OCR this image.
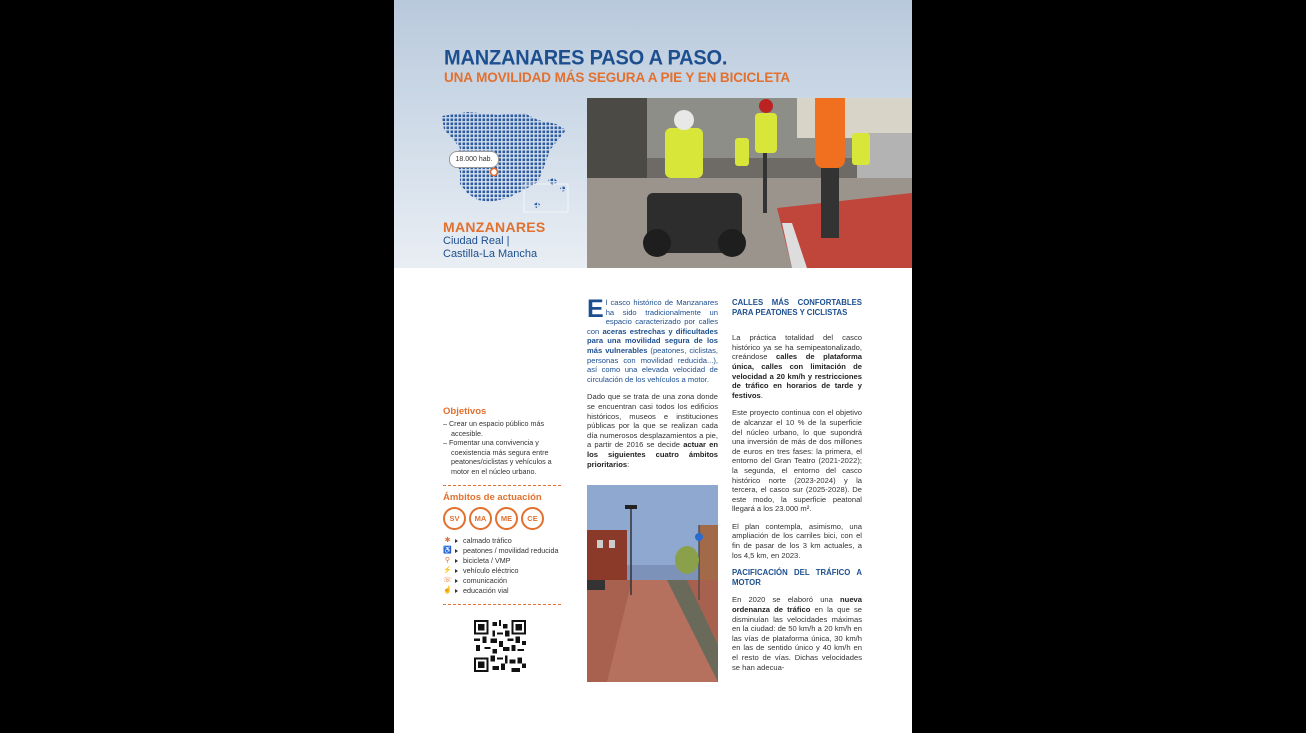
MANZANARES PASO A PASO.
UNA MOVILIDAD MÁS SEGURA A PIE Y EN BICICLETA
18.000 hab.
MANZANARES
Ciudad Real |
Castilla-La Mancha
Objetivos
– Crear un espacio público más accesible.
– Fomentar una convivencia y coexistencia más segura entre peatones/ciclistas y vehículos a motor en el núcleo urbano.
Ámbitos de actuación
SV	MA	ME	CE
✱ calmado tráfico
♿ peatones / movilidad reducida
⚲ bicicleta / VMP
⚡ vehículo eléctrico
☏ comunicación
☝ educación vial

El casco histórico de Manzanares ha sido tradicionalmente un espacio caracterizado por calles con aceras estrechas y dificultades para una movilidad segura de los más vulnerables (peatones, ciclistas, personas con movilidad reducida...), así como una elevada velocidad de circulación de los vehículos a motor.

Dado que se trata de una zona donde se encuentran casi todos los edificios históricos, museos e instituciones públicas por la que se realizan cada día numerosos desplazamientos a pie, a partir de 2016 se decide actuar en los siguientes cuatro ámbitos prioritarios:

CALLES MÁS CONFORTABLES PARA PEATONES Y CICLISTAS

La práctica totalidad del casco histórico ya se ha semipeatonalizado, creándose calles de plataforma única, calles con limitación de velocidad a 20 km/h y restricciones de tráfico en horarios de tarde y festivos.

Este proyecto continua con el objetivo de alcanzar el 10 % de la superficie del núcleo urbano, lo que supondrá una inversión de más de dos millones de euros en tres fases: la primera, el entorno del Gran Teatro (2021-2022); la segunda, el entorno del casco histórico norte (2023-2024) y la tercera, el casco sur (2025-2028). De este modo, la superficie peatonal llegará a los 23.000 m².

El plan contempla, asimismo, una ampliación de los carriles bici, con el fin de pasar de los 3 km actuales, a los 4,5 km, en 2023.

PACIFICACIÓN DEL TRÁFICO A MOTOR

En 2020 se elaboró una nueva ordenanza de tráfico en la que se disminuían las velocidades máximas en la ciudad: de 50 km/h a 20 km/h en las vías de plataforma única, 30 km/h en las de sentido único y 40 km/h en el resto de vías. Dichas velocidades se han adecua-
